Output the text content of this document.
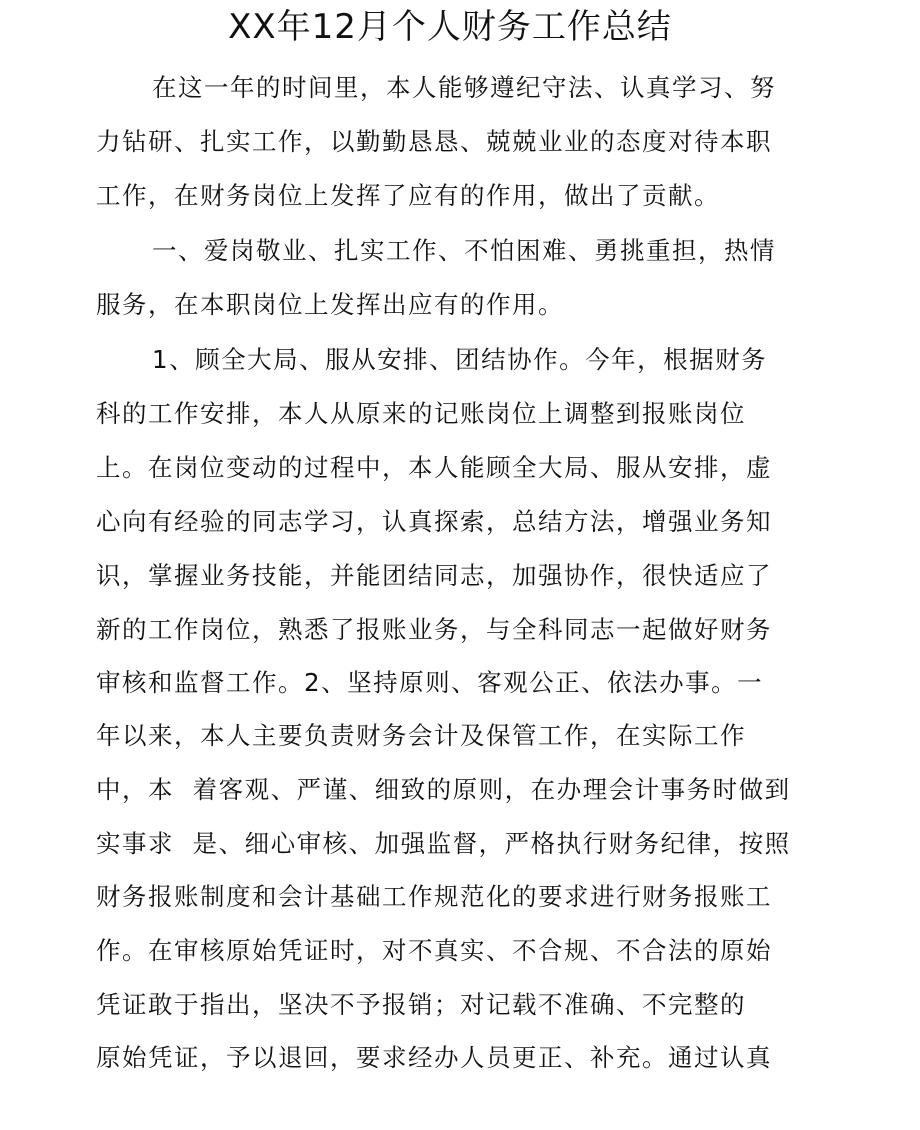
XX年12月个人财务工作总结
在这一年的时间里，本人能够遵纪守法、认真学习、努
力钻研、扎实工作，以勤勤恳恳、兢兢业业的态度对待本职
工作，在财务岗位上发挥了应有的作用，做出了贡献。
一、爱岗敬业、扎实工作、不怕困难、勇挑重担，热情
服务，在本职岗位上发挥出应有的作用。
1、顾全大局、服从安排、团结协作。今年，根据财务
科的工作安排，本人从原来的记账岗位上调整到报账岗位
上。在岗位变动的过程中，本人能顾全大局、服从安排，虚
心向有经验的同志学习，认真探索，总结方法，增强业务知
识，掌握业务技能，并能团结同志，加强协作，很快适应了
新的工作岗位，熟悉了报账业务，与全科同志一起做好财务
审核和监督工作。2、坚持原则、客观公正、依法办事。一
年以来，本人主要负责财务会计及保管工作，在实际工作
中，本  着客观、严谨、细致的原则，在办理会计事务时做到
实事求  是、细心审核、加强监督，严格执行财务纪律，按照
财务报账制度和会计基础工作规范化的要求进行财务报账工
作。在审核原始凭证时，对不真实、不合规、不合法的原始
凭证敢于指出，坚决不予报销；对记载不准确、不完整的
原始凭证，予以退回，要求经办人员更正、补充。通过认真
